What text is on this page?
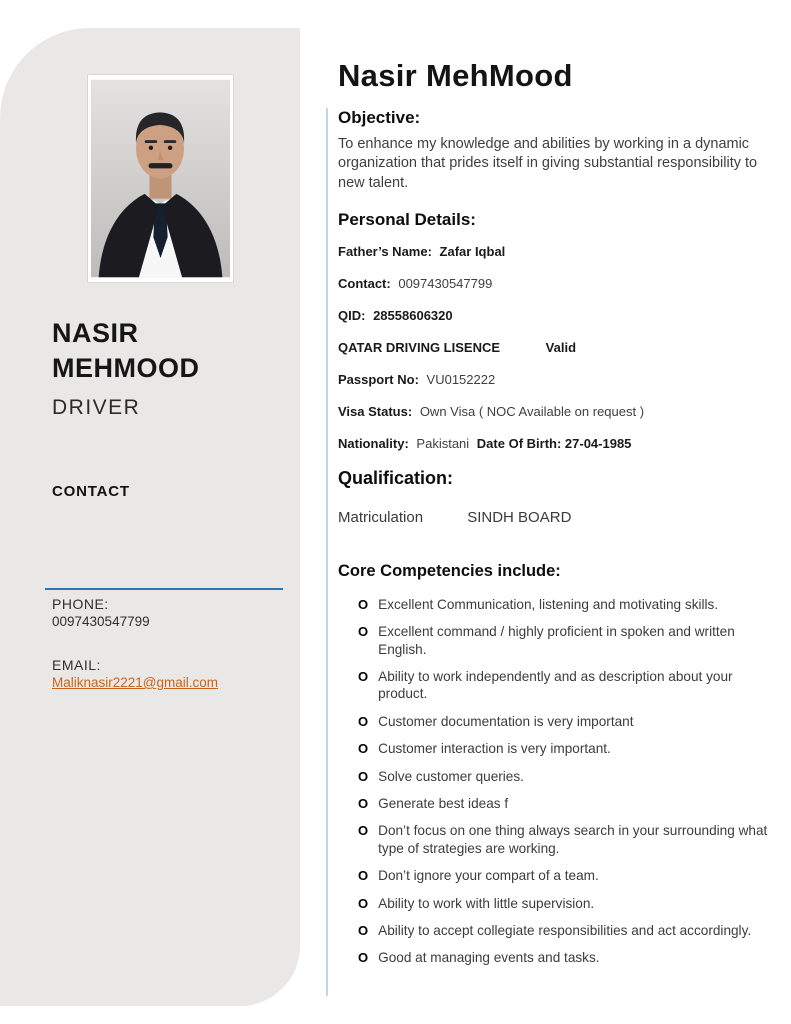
NASIR
MEHMOOD
DRIVER
CONTACT
PHONE:
0097430547799
EMAIL:
Maliknasir2221@gmail.com
Nasir MehMood
Objective:

To enhance my knowledge and abilities by working in a dynamic organization that prides itself in giving substantial responsibility to new talent.

Personal Details:
Father’s Name: Zafar Iqbal
Contact: 0097430547799
QID: 28558606320
QATAR DRIVING LISENCE	Valid
Passport No: VU0152222
Visa Status: Own Visa ( NOC Available on request )
Nationality: Pakistani Date Of Birth: 27-04-1985
Qualification:
Matriculation	SINDH BOARD
Core Competencies include:
O Excellent Communication, listening and motivating skills.
O Excellent command / highly proficient in spoken and written English.
O Ability to work independently and as description about your product.
O Customer documentation is very important
O Customer interaction is very important.
O Solve customer queries.
O Generate best ideas f
O Don’t focus on one thing always search in your surrounding what type of strategies are working.
O Don’t ignore your compart of a team.
O Ability to work with little supervision.
O Ability to accept collegiate responsibilities and act accordingly.
O Good at managing events and tasks.
